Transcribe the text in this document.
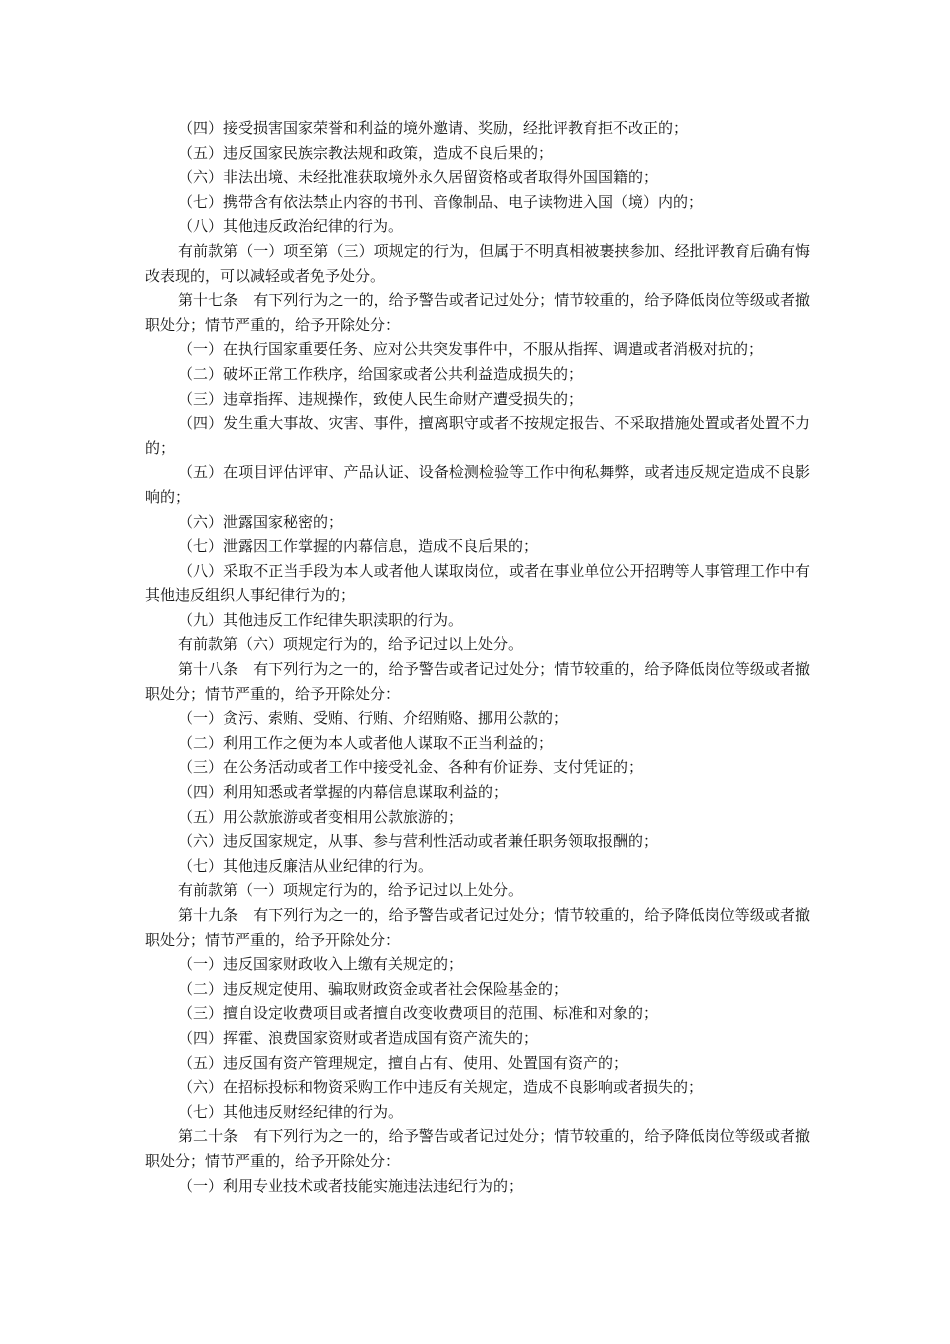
（四）接受损害国家荣誉和利益的境外邀请、奖励，经批评教育拒不改正的；

（五）违反国家民族宗教法规和政策，造成不良后果的；

（六）非法出境、未经批准获取境外永久居留资格或者取得外国国籍的；

（七）携带含有依法禁止内容的书刊、音像制品、电子读物进入国（境）内的；

（八）其他违反政治纪律的行为。

有前款第（一）项至第（三）项规定的行为，但属于不明真相被裹挟参加、经批评教育后确有悔改表现的，可以减轻或者免予处分。

第十七条　有下列行为之一的，给予警告或者记过处分；情节较重的，给予降低岗位等级或者撤职处分；情节严重的，给予开除处分：

（一）在执行国家重要任务、应对公共突发事件中，不服从指挥、调遣或者消极对抗的；

（二）破坏正常工作秩序，给国家或者公共利益造成损失的；

（三）违章指挥、违规操作，致使人民生命财产遭受损失的；

（四）发生重大事故、灾害、事件，擅离职守或者不按规定报告、不采取措施处置或者处置不力的；

（五）在项目评估评审、产品认证、设备检测检验等工作中徇私舞弊，或者违反规定造成不良影响的；

（六）泄露国家秘密的；

（七）泄露因工作掌握的内幕信息，造成不良后果的；

（八）采取不正当手段为本人或者他人谋取岗位，或者在事业单位公开招聘等人事管理工作中有其他违反组织人事纪律行为的；

（九）其他违反工作纪律失职渎职的行为。

有前款第（六）项规定行为的，给予记过以上处分。

第十八条　有下列行为之一的，给予警告或者记过处分；情节较重的，给予降低岗位等级或者撤职处分；情节严重的，给予开除处分：

（一）贪污、索贿、受贿、行贿、介绍贿赂、挪用公款的；

（二）利用工作之便为本人或者他人谋取不正当利益的；

（三）在公务活动或者工作中接受礼金、各种有价证券、支付凭证的；

（四）利用知悉或者掌握的内幕信息谋取利益的；

（五）用公款旅游或者变相用公款旅游的；

（六）违反国家规定，从事、参与营利性活动或者兼任职务领取报酬的；

（七）其他违反廉洁从业纪律的行为。

有前款第（一）项规定行为的，给予记过以上处分。

第十九条　有下列行为之一的，给予警告或者记过处分；情节较重的，给予降低岗位等级或者撤职处分；情节严重的，给予开除处分：

（一）违反国家财政收入上缴有关规定的；

（二）违反规定使用、骗取财政资金或者社会保险基金的；

（三）擅自设定收费项目或者擅自改变收费项目的范围、标准和对象的；

（四）挥霍、浪费国家资财或者造成国有资产流失的；

（五）违反国有资产管理规定，擅自占有、使用、处置国有资产的；

（六）在招标投标和物资采购工作中违反有关规定，造成不良影响或者损失的；

（七）其他违反财经纪律的行为。

第二十条　有下列行为之一的，给予警告或者记过处分；情节较重的，给予降低岗位等级或者撤职处分；情节严重的，给予开除处分：

（一）利用专业技术或者技能实施违法违纪行为的；
